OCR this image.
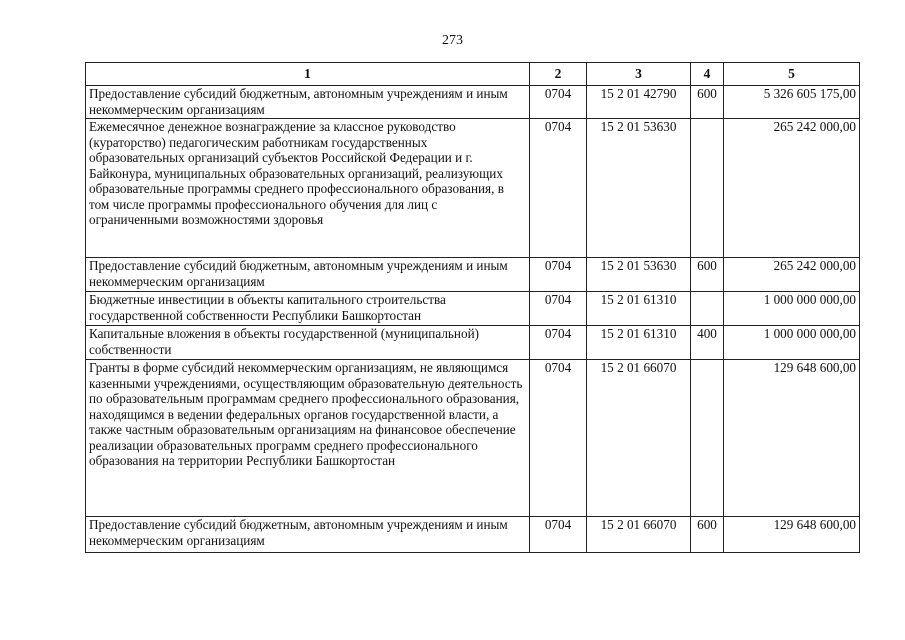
273
1	2	3	4	5
Предоставление субсидий бюджетным, автономным учреждениям и иным некоммерческим организациям	0704	15 2 01 42790	600	5 326 605 175,00
Ежемесячное денежное вознаграждение за классное руководство (кураторство) педагогическим работникам государственных образовательных организаций субъектов Российской Федерации и г. Байконура, муниципальных образовательных организаций, реализующих образовательные программы среднего профессионального образования, в том числе программы профессионального обучения для лиц с ограниченными возможностями здоровья	0704	15 2 01 53630		265 242 000,00
Предоставление субсидий бюджетным, автономным учреждениям и иным некоммерческим организациям	0704	15 2 01 53630	600	265 242 000,00
Бюджетные инвестиции в объекты капитального строительства государственной собственности Республики Башкортостан	0704	15 2 01 61310		1 000 000 000,00
Капитальные вложения в объекты государственной (муниципальной) собственности	0704	15 2 01 61310	400	1 000 000 000,00
Гранты в форме субсидий некоммерческим организациям, не являющимся казенными учреждениями, осуществляющим образовательную деятельность по образовательным программам среднего профессионального образования, находящимся в ведении федеральных органов государственной власти, а также частным образовательным организациям на финансовое обеспечение реализации образовательных программ среднего профессионального образования на территории Республики Башкортостан	0704	15 2 01 66070		129 648 600,00
Предоставление субсидий бюджетным, автономным учреждениям и иным некоммерческим организациям	0704	15 2 01 66070	600	129 648 600,00
